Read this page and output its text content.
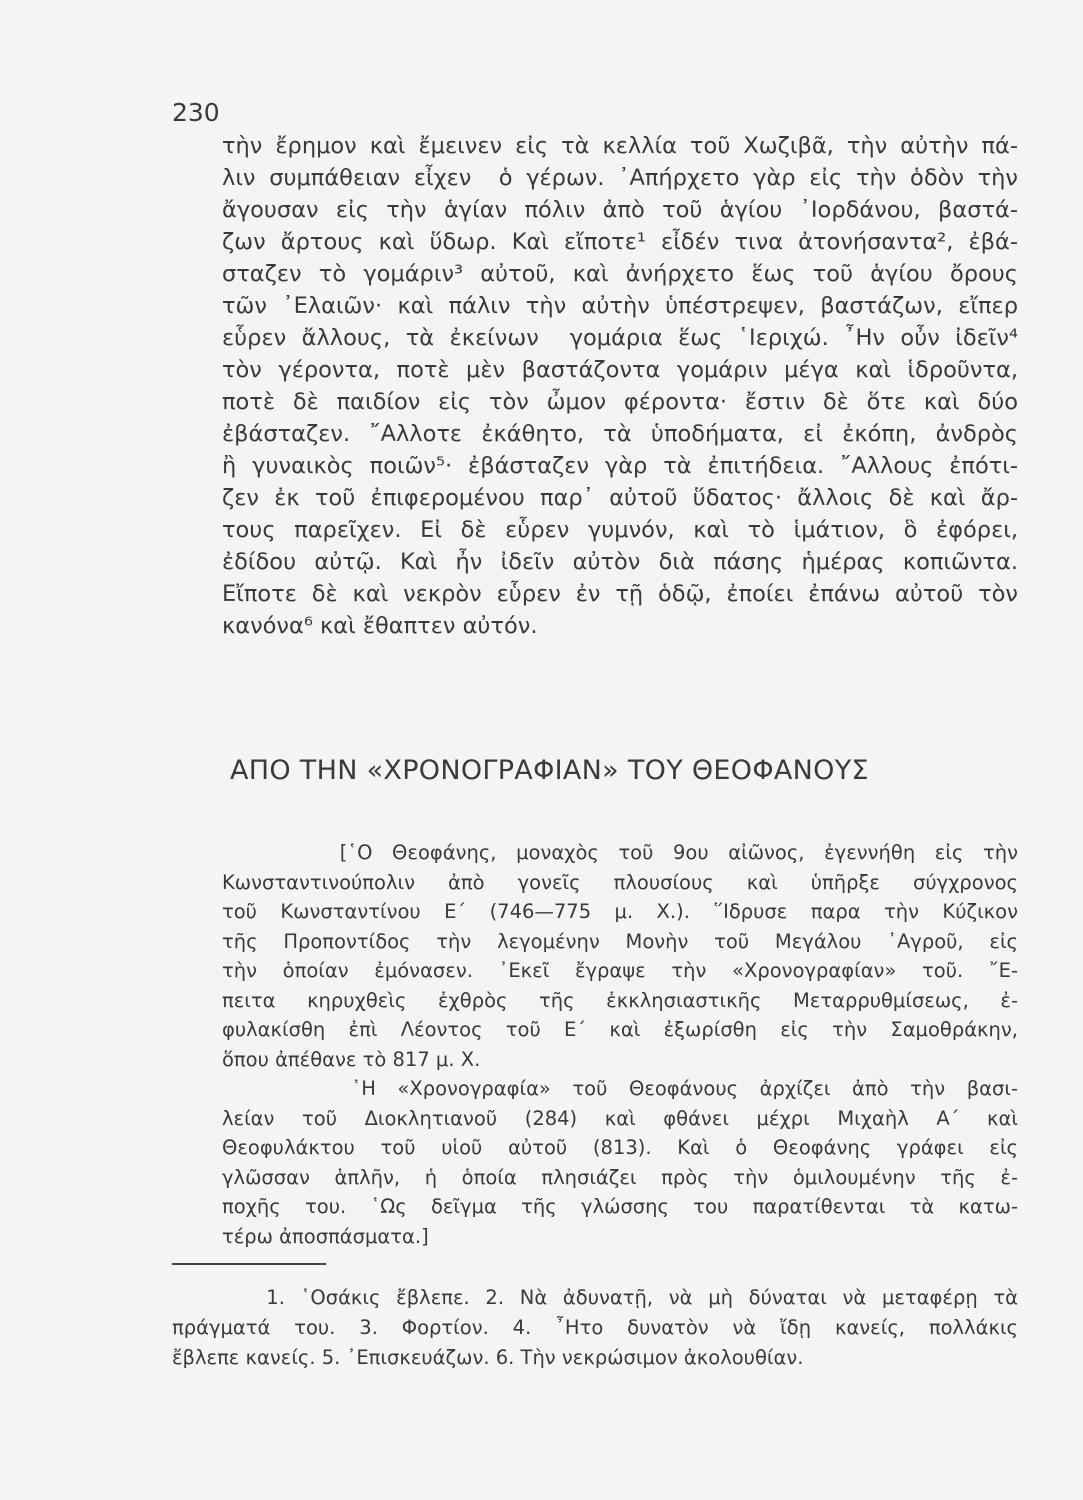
230
τὴν ἔρημον καὶ ἔμεινεν εἰς τὰ κελλία τοῦ Χωζιβᾶ, τὴν αὐτὴν πά-
λιν συμπάθειαν εἶχεν  ὁ γέρων. ᾿Απήρχετο γὰρ εἰς τὴν ὁδὸν τὴν
ἄγουσαν εἰς τὴν ἁγίαν πόλιν ἀπὸ τοῦ ἁγίου ᾿Ιορδάνου, βαστά-
ζων ἄρτους καὶ ὕδωρ. Καὶ εἴποτε¹ εἶδέν τινα ἀτονήσαντα², ἐβά-
σταζεν τὸ γομάριν³ αὐτοῦ, καὶ ἀνήρχετο ἕως τοῦ ἁγίου ὄρους
τῶν ᾿Ελαιῶν· καὶ πάλιν τὴν αὐτὴν ὑπέστρεψεν, βαστάζων, εἴπερ
εὗρεν ἄλλους, τὰ ἐκείνων  γομάρια ἕως ῾Ιεριχώ. ῏Ην οὖν ἰδεῖν⁴
τὸν γέροντα, ποτὲ μὲν βαστάζοντα γομάριν μέγα καὶ ἱδροῦντα,
ποτὲ δὲ παιδίον εἰς τὸν ὦμον φέροντα· ἔστιν δὲ ὅτε καὶ δύο
ἐβάσταζεν. ῎Αλλοτε ἐκάθητο, τὰ ὑποδήματα, εἰ ἐκόπη, ἀνδρὸς
ἢ γυναικὸς ποιῶν⁵· ἐβάσταζεν γὰρ τὰ ἐπιτήδεια. ῎Αλλους ἐπότι-
ζεν ἐκ τοῦ ἐπιφερομένου παρ᾿ αὐτοῦ ὕδατος· ἄλλοις δὲ καὶ ἄρ-
τους παρεῖχεν. Εἰ δὲ εὗρεν γυμνόν, καὶ τὸ ἱμάτιον, ὃ ἐφόρει,
ἐδίδου αὐτῷ. Καὶ ἦν ἰδεῖν αὐτὸν διὰ πάσης ἡμέρας κοπιῶντα.
Εἴποτε δὲ καὶ νεκρὸν εὗρεν ἐν τῇ ὁδῷ, ἐποίει ἐπάνω αὐτοῦ τὸν
κανόνα⁶ καὶ ἔθαπτεν αὐτόν.
ΑΠΟ ΤΗΝ «ΧΡΟΝΟΓΡΑΦΙΑΝ» ΤΟΥ ΘΕΟΦΑΝΟΥΣ
[῾Ο Θεοφάνης, μοναχὸς τοῦ 9ου αἰῶνος, ἐγεννήθη εἰς τὴν
Κωνσταντινούπολιν ἀπὸ γονεῖς πλουσίους καὶ ὑπῆρξε σύγχρονος
τοῦ Κωνσταντίνου Ε΄ (746—775 μ. Χ.). ῞Ιδρυσε παρα τὴν Κύζικον
τῆς Προποντίδος τὴν λεγομένην Μονὴν τοῦ Μεγάλου ᾿Αγροῦ, εἰς
τὴν ὁποίαν ἐμόνασεν. ᾿Εκεῖ ἔγραψε τὴν «Χρονογραφίαν» τοῦ. ῎Ε-
πειτα κηρυχθεὶς ἐχθρὸς τῆς ἐκκλησιαστικῆς Μεταρρυθμίσεως, ἐ-
φυλακίσθη ἐπὶ Λέοντος τοῦ Ε΄ καὶ ἐξωρίσθη εἰς τὴν Σαμοθράκην,
ὅπου ἀπέθανε τὸ 817 μ. Χ.
῾Η «Χρονογραφία» τοῦ Θεοφάνους ἀρχίζει ἀπὸ τὴν βασι-
λείαν τοῦ Διοκλητιανοῦ (284) καὶ φθάνει μέχρι Μιχαὴλ Α΄ καὶ
Θεοφυλάκτου τοῦ υἱοῦ αὐτοῦ (813). Καὶ ὁ Θεοφάνης γράφει εἰς
γλῶσσαν ἁπλῆν, ἡ ὁποία πλησιάζει πρὸς τὴν ὁμιλουμένην τῆς ἐ-
ποχῆς του. ῾Ως δεῖγμα τῆς γλώσσης του παρατίθενται τὰ κατω-
τέρω ἀποσπάσματα.]
1. ῾Οσάκις ἔβλεπε. 2. Νὰ ἀδυνατῇ, νὰ μὴ δύναται νὰ μεταφέρῃ τὰ
πράγματά του. 3. Φορτίον. 4. ῏Ητο δυνατὸν νὰ ἴδῃ κανείς, πολλάκις
ἔβλεπε κανείς. 5. ᾿Επισκευάζων. 6. Τὴν νεκρώσιμον ἀκολουθίαν.
